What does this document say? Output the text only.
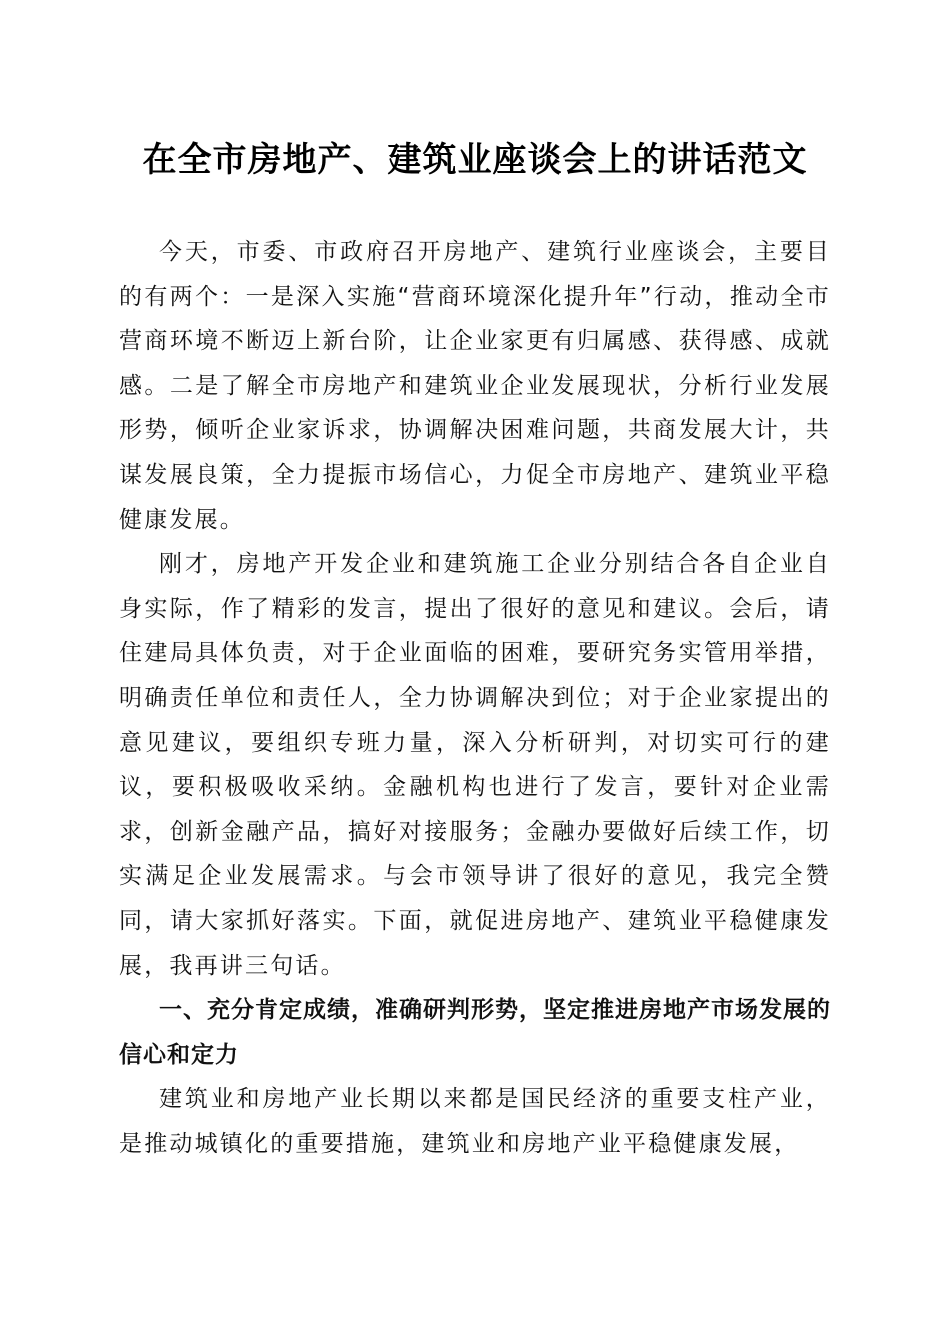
在全市房地产、建筑业座谈会上的讲话范文

今天，市委、市政府召开房地产、建筑行业座谈会，主要目的有两个：一是深入实施“营商环境深化提升年”行动，推动全市营商环境不断迈上新台阶，让企业家更有归属感、获得感、成就感。二是了解全市房地产和建筑业企业发展现状，分析行业发展形势，倾听企业家诉求，协调解决困难问题，共商发展大计，共谋发展良策，全力提振市场信心，力促全市房地产、建筑业平稳健康发展。

刚才，房地产开发企业和建筑施工企业分别结合各自企业自身实际，作了精彩的发言，提出了很好的意见和建议。会后，请住建局具体负责，对于企业面临的困难，要研究务实管用举措，明确责任单位和责任人，全力协调解决到位；对于企业家提出的意见建议，要组织专班力量，深入分析研判，对切实可行的建议，要积极吸收采纳。金融机构也进行了发言，要针对企业需求，创新金融产品，搞好对接服务；金融办要做好后续工作，切实满足企业发展需求。与会市领导讲了很好的意见，我完全赞同，请大家抓好落实。下面，就促进房地产、建筑业平稳健康发展，我再讲三句话。

一、充分肯定成绩，准确研判形势，坚定推进房地产市场发展的信心和定力

建筑业和房地产业长期以来都是国民经济的重要支柱产业，是推动城镇化的重要措施，建筑业和房地产业平稳健康发展，
